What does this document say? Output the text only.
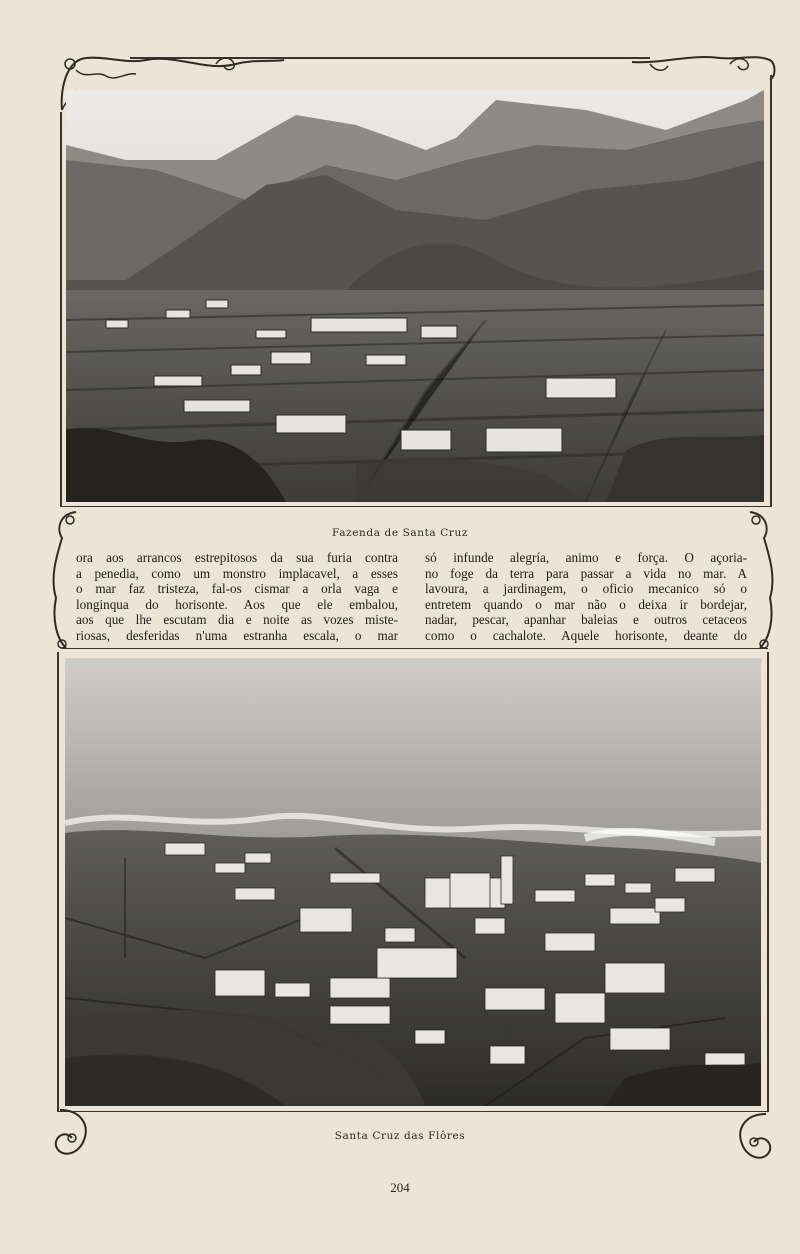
Fazenda de Santa Cruz
ora aos arrancos estrepitosos da sua furia contra
a penedia, como um monstro implacavel, a esses
o mar faz tristeza, fal-os cismar a orla vaga e
longinqua do horisonte. Aos que ele embalou,
aos que lhe escutam dia e noite as vozes miste-
riosas, desferidas n'uma estranha escala, o mar
só infunde alegría, animo e força. O açoria-
no foge da terra para passar a vida no mar. A
lavoura, a jardinagem, o oficio mecanico só o
entretem quando o mar não o deixa ir bordejar,
nadar, pescar, apanhar baleias e outros cetaceos
como o cachalote. Aquele horisonte, deante do
Santa Cruz das Flôres
204
